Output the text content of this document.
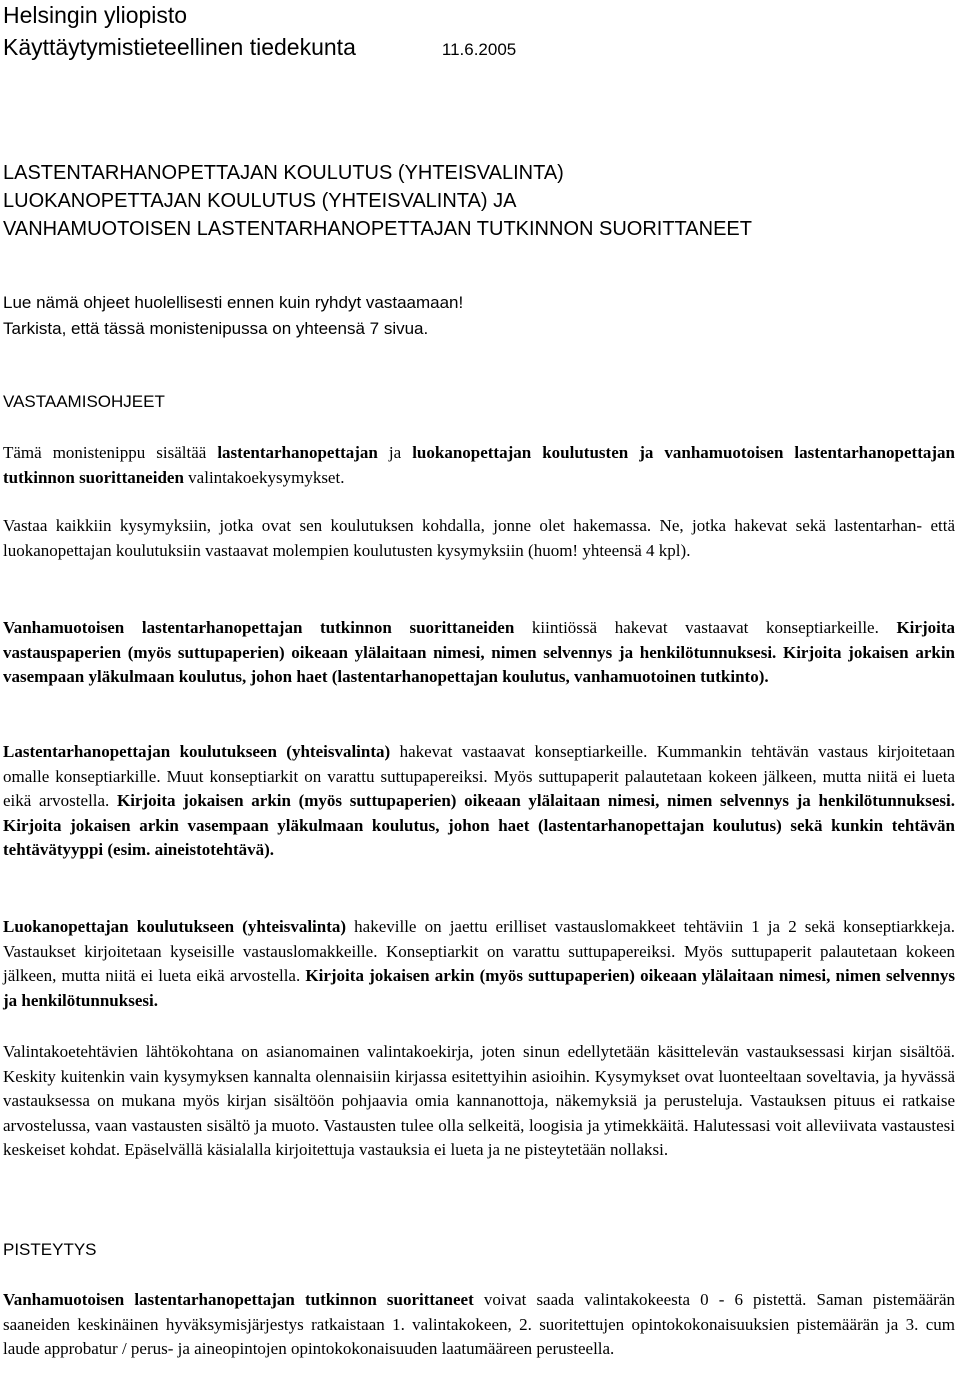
Helsingin yliopisto
Käyttäytymistieteellinen tiedekunta	11.6.2005
LASTENTARHANOPETTAJAN KOULUTUS (YHTEISVALINTA)
LUOKANOPETTAJAN KOULUTUS (YHTEISVALINTA) JA
VANHAMUOTOISEN LASTENTARHANOPETTAJAN TUTKINNON SUORITTANEET
Lue nämä ohjeet huolellisesti ennen kuin ryhdyt vastaamaan!
Tarkista, että tässä monistenipussa on yhteensä 7 sivua.
VASTAAMISOHJEET
Tämä monistenippu sisältää lastentarhanopettajan ja luokanopettajan koulutusten ja vanhamuotoisen lastentarhanopettajan tutkinnon suorittaneiden valintakoekysymykset.
Vastaa kaikkiin kysymyksiin, jotka ovat sen koulutuksen kohdalla, jonne olet hakemassa. Ne, jotka hakevat sekä lastentarhan- että luokanopettajan koulutuksiin vastaavat molempien koulutusten kysymyksiin (huom! yhteensä 4 kpl).
Vanhamuotoisen lastentarhanopettajan tutkinnon suorittaneiden kiintiössä hakevat vastaavat konseptiarkeille. Kirjoita vastauspaperien (myös suttupaperien) oikeaan ylälaitaan nimesi, nimen selvennys ja henkilötunnuksesi. Kirjoita jokaisen arkin vasempaan yläkulmaan koulutus, johon haet (lastentarhanopettajan koulutus, vanhamuotoinen tutkinto).
Lastentarhanopettajan koulutukseen (yhteisvalinta) hakevat vastaavat konseptiarkeille. Kummankin tehtävän vastaus kirjoitetaan omalle konseptiarkille. Muut konseptiarkit on varattu suttupapereiksi. Myös suttupaperit palautetaan kokeen jälkeen, mutta niitä ei lueta eikä arvostella. Kirjoita jokaisen arkin (myös suttupaperien) oikeaan ylälaitaan nimesi, nimen selvennys ja henkilötunnuksesi. Kirjoita jokaisen arkin vasempaan yläkulmaan koulutus, johon haet (lastentarhanopettajan koulutus) sekä kunkin tehtävän tehtävätyyppi (esim. aineistotehtävä).
Luokanopettajan koulutukseen (yhteisvalinta) hakeville on jaettu erilliset vastauslomakkeet tehtäviin 1 ja 2 sekä konseptiarkkeja. Vastaukset kirjoitetaan kyseisille vastauslomakkeille. Konseptiarkit on varattu suttupapereiksi. Myös suttupaperit palautetaan kokeen jälkeen, mutta niitä ei lueta eikä arvostella. Kirjoita jokaisen arkin (myös suttupaperien) oikeaan ylälaitaan nimesi, nimen selvennys ja henkilötunnuksesi.
Valintakoetehtävien lähtökohtana on asianomainen valintakoekirja, joten sinun edellytetään käsittelevän vastauksessasi kirjan sisältöä. Keskity kuitenkin vain kysymyksen kannalta olennaisiin kirjassa esitettyihin asioihin. Kysymykset ovat luonteeltaan soveltavia, ja hyvässä vastauksessa on mukana myös kirjan sisältöön pohjaavia omia kannanottoja, näkemyksiä ja perusteluja. Vastauksen pituus ei ratkaise arvostelussa, vaan vastausten sisältö ja muoto. Vastausten tulee olla selkeitä, loogisia ja ytimekkäitä. Halutessasi voit alleviivata vastaustesi keskeiset kohdat. Epäselvällä käsialalla kirjoitettuja vastauksia ei lueta ja ne pisteytetään nollaksi.
PISTEYTYS
Vanhamuotoisen lastentarhanopettajan tutkinnon suorittaneet voivat saada valintakokeesta 0 - 6 pistettä. Saman pistemäärän saaneiden keskinäinen hyväksymisjärjestys ratkaistaan 1. valintakokeen, 2. suoritettujen opintokokonaisuuksien pistemäärän ja 3. cum laude approbatur / perus- ja aineopintojen opintokokonaisuuden laatumääreen perusteella.
